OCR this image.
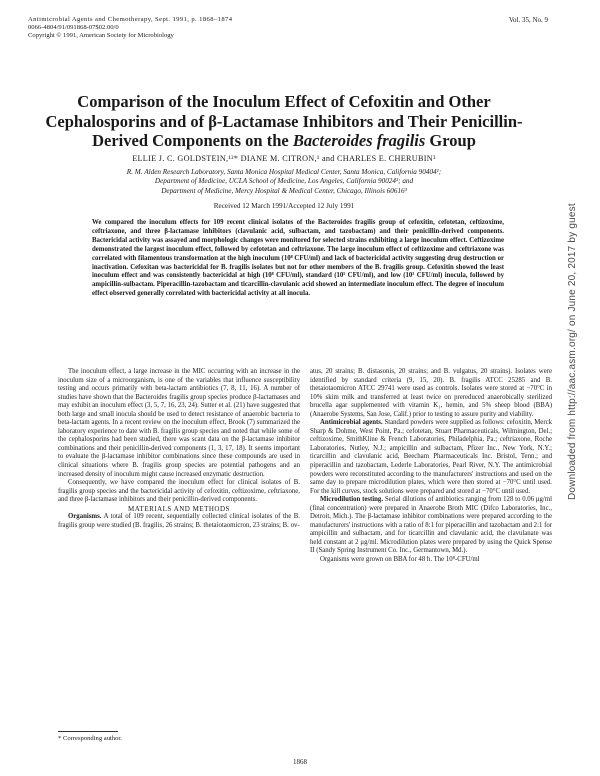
Antimicrobial Agents and Chemotherapy, Sept. 1991, p. 1868–1874
0066-4804/91/091868-07$02.00/0
Copyright © 1991, American Society for Microbiology
Vol. 35, No. 9
Comparison of the Inoculum Effect of Cefoxitin and Other
Cephalosporins and of β-Lactamase Inhibitors and Their Penicillin-
Derived Components on the Bacteroides fragilis Group
ELLIE J. C. GOLDSTEIN,¹²* DIANE M. CITRON,¹ and CHARLES E. CHERUBIN³
R. M. Alden Research Laboratory, Santa Monica Hospital Medical Center, Santa Monica, California 90404¹;
Department of Medicine, UCLA School of Medicine, Los Angeles, California 90024²; and
Department of Medicine, Mercy Hospital & Medical Center, Chicago, Illinois 60616³
Received 12 March 1991/Accepted 12 July 1991
We compared the inoculum effects for 109 recent clinical isolates of the Bacteroides fragilis group of cefoxitin, cefotetan, ceftizoxime, ceftriaxone, and three β-lactamase inhibitors (clavulanic acid, sulbactam, and tazobactam) and their penicillin-derived components. Bactericidal activity was assayed and morphologic changes were monitored for selected strains exhibiting a large inoculum effect. Ceftizoxime demonstrated the largest inoculum effect, followed by cefotetan and ceftriaxone. The large inoculum effect of ceftizoxime and ceftriaxone was correlated with filamentous transformation at the high inoculum (10⁸ CFU/ml) and lack of bactericidal activity suggesting drug destruction or inactivation. Cefoxitan was bactericidal for B. fragilis isolates but not for other members of the B. fragilis group. Cefoxitin showed the least inoculum effect and was consistently bactericidal at high (10⁸ CFU/ml), standard (10⁵ CFU/ml), and low (10³ CFU/ml) inocula, followed by ampicillin-sulbactam. Piperacillin-tazobactam and ticarcillin-clavulanic acid showed an intermediate inoculum effect. The degree of inoculum effect observed generally correlated with bactericidal activity at all inocula.

The inoculum effect, a large increase in the MIC occurring with an increase in the inoculum size of a microorganism, is one of the variables that influence susceptibility testing and occurs primarily with beta-lactam antibiotics (7, 8, 11, 16). A number of studies have shown that the Bacteroides fragilis group species produce β-lactamases and may exhibit an inoculum effect (3, 5, 7, 16, 23, 24). Sutter et al. (21) have suggested that both large and small inocula should be used to detect resistance of anaerobic bacteria to beta-lactam agents. In a recent review on the inoculum effect, Brook (7) summarized the laboratory experience to date with B. fragilis group species and noted that while some of the cephalosporins had been studied, there was scant data on the β-lactamase inhibitor combinations and their penicillin-derived components (1, 3, 17, 18). It seems important to evaluate the β-lactamase inhibitor combinations since these compounds are used in clinical situations where B. fragilis group species are potential pathogens and an increased density of inoculum might cause increased enzymatic destruction.

Consequently, we have compared the inoculum effect for clinical isolates of B. fragilis group species and the bactericidal activity of cefoxitin, ceftizoxime, ceftriaxone, and three β-lactamase inhibitors and their penicillin-derived components.

MATERIALS AND METHODS

Organisms. A total of 109 recent, sequentially collected clinical isolates of the B. fragilis group were studied (B. fragilis, 26 strains; B. thetaiotaomicron, 23 strains; B. ov-

atus, 20 strains; B. distasonis, 20 strains; and B. vulgatus, 20 strains). Isolates were identified by standard criteria (9, 15, 20). B. fragilis ATCC 25285 and B. thetaiotaomicron ATCC 29741 were used as controls. Isolates were stored at −70°C in 10% skim milk and transferred at least twice on prereduced anaerobically sterilized brucella agar supplemented with vitamin K₁, hemin, and 5% sheep blood (BBA) (Anaerobe Systems, San Jose, Calif.) prior to testing to assure purity and viability.

Antimicrobial agents. Standard powders were supplied as follows: cefoxitin, Merck Sharp & Dohme, West Point, Pa.; cefotetan, Stuart Pharmaceuticals, Wilmington, Del.; ceftizoxime, SmithKline & French Laboratories, Philadelphia, Pa.; ceftriaxone, Roche Laboratories, Nutley, N.J.; ampicillin and sulbactam, Pfizer Inc., New York, N.Y.; ticarcillin and clavulanic acid, Beecham Pharmaceuticals Inc. Bristol, Tenn.; and piperacillin and tazobactam, Lederle Laboratories, Pearl River, N.Y. The antimicrobial powders were reconstituted according to the manufacturers' instructions and used on the same day to prepare microdilution plates, which were then stored at −70°C until used. For the kill curves, stock solutions were prepared and stored at −70°C until used.

Microdilution testing. Serial dilutions of antibiotics ranging from 128 to 0.06 μg/ml (final concentration) were prepared in Anaerobe Broth MIC (Difco Laboratories, Inc., Detroit, Mich.). The β-lactamase inhibitor combinations were prepared according to the manufacturers' instructions with a ratio of 8:1 for piperacillin and tazobactam and 2:1 for ampicillin and sulbactam, and for ticarcillin and clavulanic acid, the clavulanate was held constant at 2 μg/ml. Microdilution plates were prepared by using the Quick Spense II (Sandy Spring Instrument Co. Inc., Germantown, Md.).

Organisms were grown on BBA for 48 h. The 10⁸-CFU/ml

* Corresponding author.
1868
Downloaded from http://aac.asm.org/ on June 20, 2017 by guest
